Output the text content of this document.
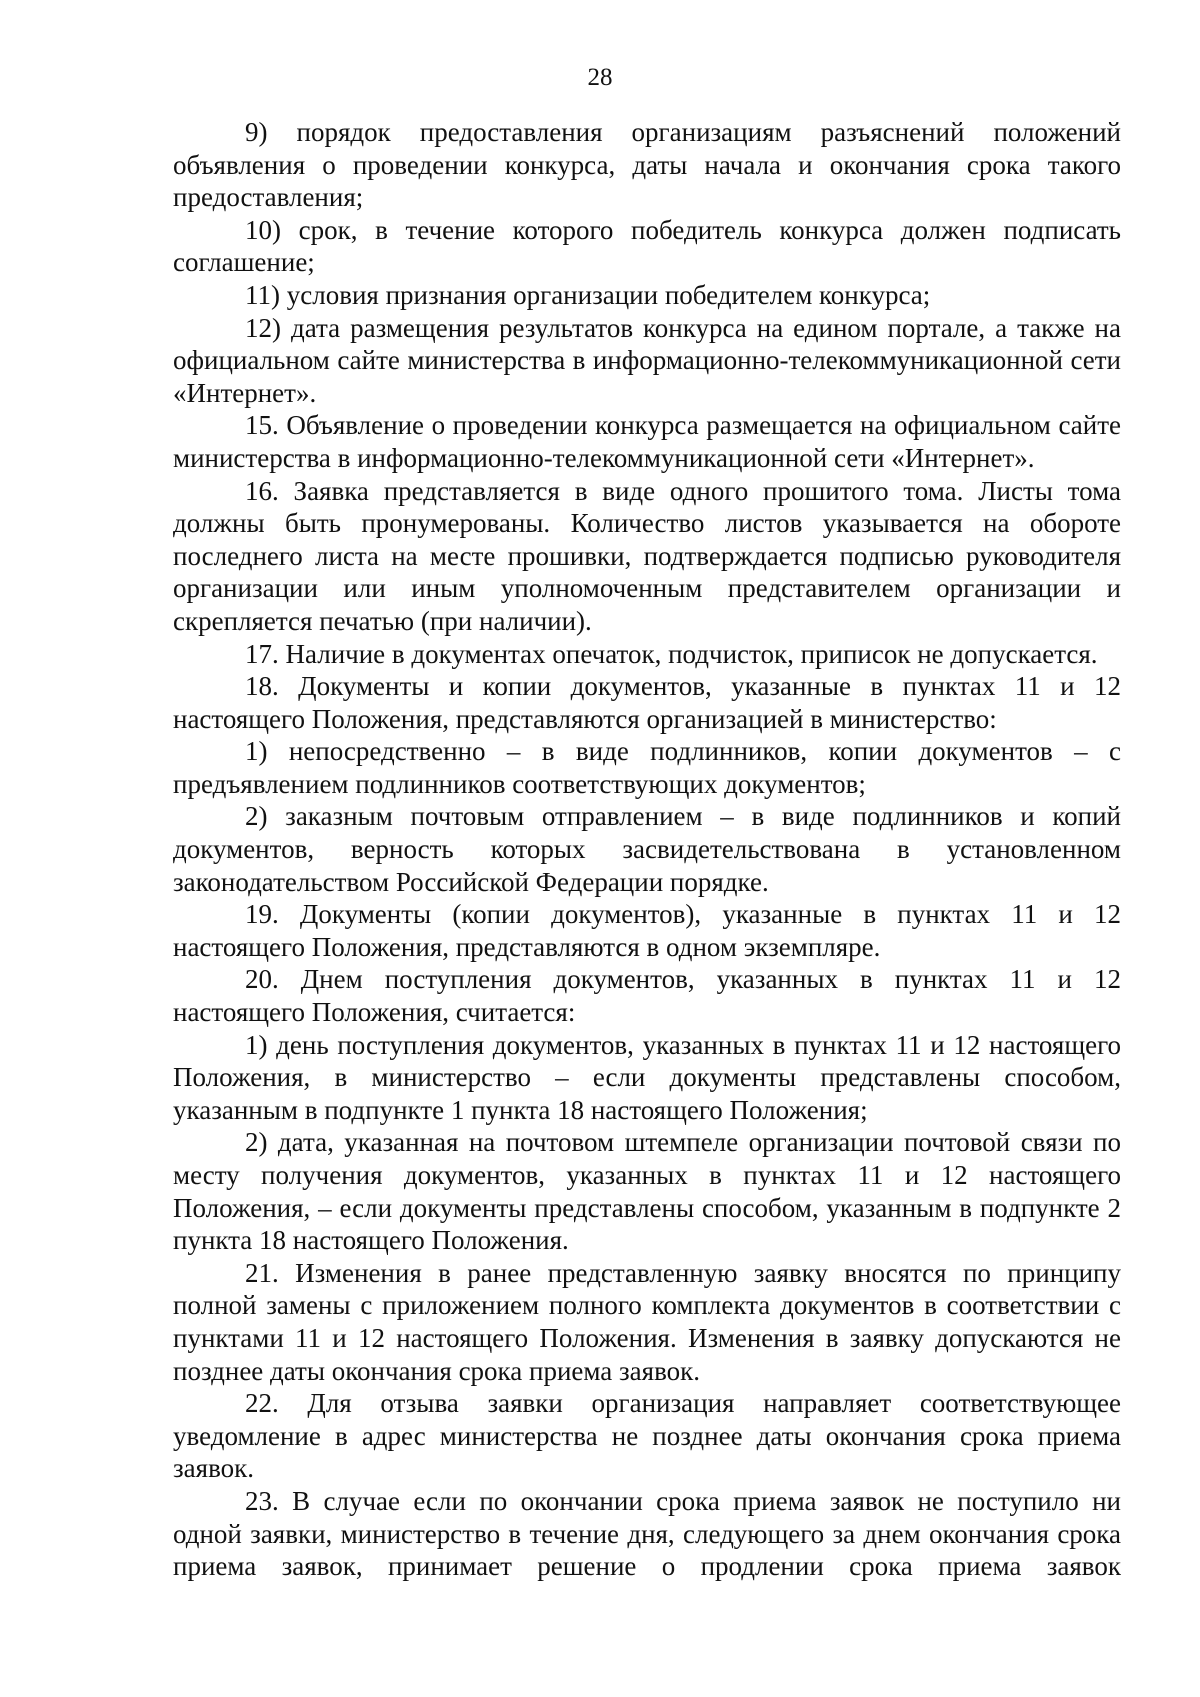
28

9) порядок предоставления организациям разъяснений положений объявления о проведении конкурса, даты начала и окончания срока такого предоставления;

10) срок, в течение которого победитель конкурса должен подписать соглашение;

11) условия признания организации победителем конкурса;

12) дата размещения результатов конкурса на едином портале, а также на официальном сайте министерства в информационно-телекоммуникационной сети «Интернет».

15. Объявление о проведении конкурса размещается на официальном сайте министерства в информационно-телекоммуникационной сети «Интернет».

16. Заявка представляется в виде одного прошитого тома. Листы тома должны быть пронумерованы. Количество листов указывается на обороте последнего листа на месте прошивки, подтверждается подписью руководителя организации или иным уполномоченным представителем организации и скрепляется печатью (при наличии).

17. Наличие в документах опечаток, подчисток, приписок не допускается.

18. Документы и копии документов, указанные в пунктах 11 и 12 настоящего Положения, представляются организацией в министерство:

1) непосредственно – в виде подлинников, копии документов – с предъявлением подлинников соответствующих документов;

2) заказным почтовым отправлением – в виде подлинников и копий документов, верность которых засвидетельствована в установленном законодательством Российской Федерации порядке.

19. Документы (копии документов), указанные в пунктах 11 и 12 настоящего Положения, представляются в одном экземпляре.

20. Днем поступления документов, указанных в пунктах 11 и 12 настоящего Положения, считается:

1) день поступления документов, указанных в пунктах 11 и 12 настоящего Положения, в министерство – если документы представлены способом, указанным в подпункте 1 пункта 18 настоящего Положения;

2) дата, указанная на почтовом штемпеле организации почтовой связи по месту получения документов, указанных в пунктах 11 и 12 настоящего Положения, – если документы представлены способом, указанным в подпункте 2 пункта 18 настоящего Положения.

21. Изменения в ранее представленную заявку вносятся по принципу полной замены с приложением полного комплекта документов в соответствии с пунктами 11 и 12 настоящего Положения. Изменения в заявку допускаются не позднее даты окончания срока приема заявок.

22. Для отзыва заявки организация направляет соответствующее уведомление в адрес министерства не позднее даты окончания срока приема заявок.

23. В случае если по окончании срока приема заявок не поступило ни одной заявки, министерство в течение дня, следующего за днем окончания срока приема заявок, принимает решение о продлении срока приема заявок
